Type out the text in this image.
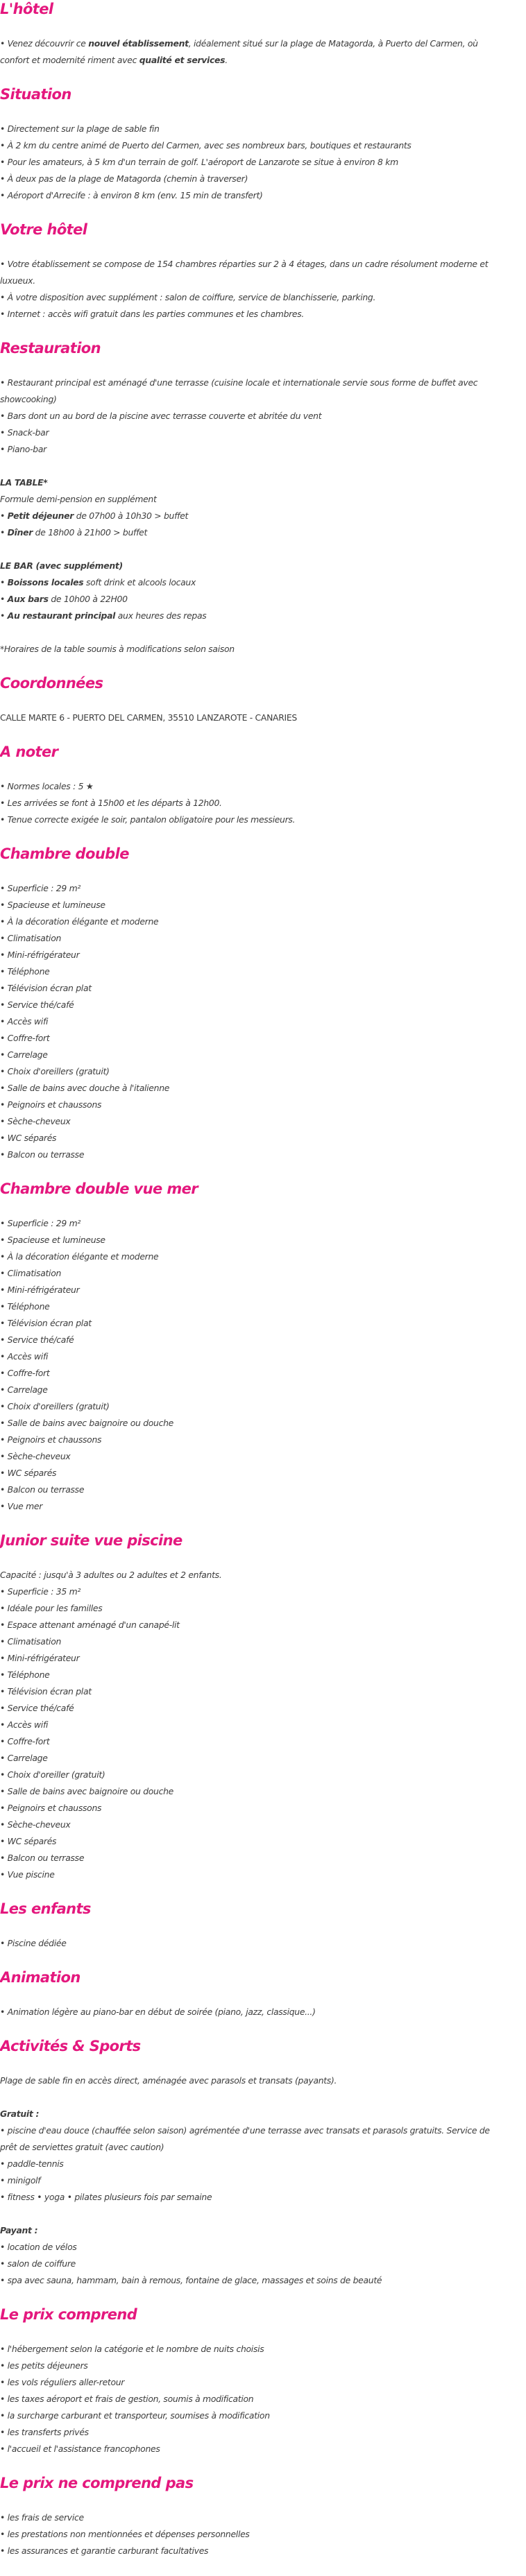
L'hôtel
• Venez découvrir ce nouvel établissement, idéalement situé sur la plage de Matagorda, à Puerto del Carmen, où
confort et modernité riment avec qualité et services.
Situation
• Directement sur la plage de sable fin
• À 2 km du centre animé de Puerto del Carmen, avec ses nombreux bars, boutiques et restaurants
• Pour les amateurs, à 5 km d'un terrain de golf. L'aéroport de Lanzarote se situe à environ 8 km
• À deux pas de la plage de Matagorda (chemin à traverser)
• Aéroport d'Arrecife : à environ 8 km (env. 15 min de transfert)
Votre hôtel
• Votre établissement se compose de 154 chambres réparties sur 2 à 4 étages, dans un cadre résolument moderne et
luxueux.
• À votre disposition avec supplément : salon de coiffure, service de blanchisserie, parking.
• Internet : accès wifi gratuit dans les parties communes et les chambres.
Restauration
• Restaurant principal est aménagé d'une terrasse (cuisine locale et internationale servie sous forme de buffet avec
showcooking)
• Bars dont un au bord de la piscine avec terrasse couverte et abritée du vent
• Snack-bar
• Piano-bar
LA TABLE*
Formule demi-pension en supplément
• Petit déjeuner de 07h00 à 10h30 > buffet
• Dîner de 18h00 à 21h00 > buffet
LE BAR (avec supplément)
• Boissons locales soft drink et alcools locaux
• Aux bars de 10h00 à 22H00
• Au restaurant principal aux heures des repas
*Horaires de la table soumis à modifications selon saison
Coordonnées
CALLE MARTE 6 - PUERTO DEL CARMEN, 35510 LANZAROTE - CANARIES
A noter
• Normes locales : 5 ★
• Les arrivées se font à 15h00 et les départs à 12h00.
• Tenue correcte exigée le soir, pantalon obligatoire pour les messieurs.
Chambre double
• Superficie : 29 m²
• Spacieuse et lumineuse
• À la décoration élégante et moderne
• Climatisation
• Mini-réfrigérateur
• Téléphone
• Télévision écran plat
• Service thé/café
• Accès wifi
• Coffre-fort
• Carrelage
• Choix d'oreillers (gratuit)
• Salle de bains avec douche à l'italienne
• Peignoirs et chaussons
• Sèche-cheveux
• WC séparés
• Balcon ou terrasse
Chambre double vue mer
• Superficie : 29 m²
• Spacieuse et lumineuse
• À la décoration élégante et moderne
• Climatisation
• Mini-réfrigérateur
• Téléphone
• Télévision écran plat
• Service thé/café
• Accès wifi
• Coffre-fort
• Carrelage
• Choix d'oreillers (gratuit)
• Salle de bains avec baignoire ou douche
• Peignoirs et chaussons
• Sèche-cheveux
• WC séparés
• Balcon ou terrasse
• Vue mer
Junior suite vue piscine
Capacité : jusqu'à 3 adultes ou 2 adultes et 2 enfants.
• Superficie : 35 m²
• Idéale pour les familles
• Espace attenant aménagé d'un canapé-lit
• Climatisation
• Mini-réfrigérateur
• Téléphone
• Télévision écran plat
• Service thé/café
• Accès wifi
• Coffre-fort
• Carrelage
• Choix d'oreiller (gratuit)
• Salle de bains avec baignoire ou douche
• Peignoirs et chaussons
• Sèche-cheveux
• WC séparés
• Balcon ou terrasse
• Vue piscine
Les enfants
• Piscine dédiée
Animation
• Animation légère au piano-bar en début de soirée (piano, jazz, classique...)
Activités & Sports
Plage de sable fin en accès direct, aménagée avec parasols et transats (payants).
Gratuit :
• piscine d'eau douce (chauffée selon saison) agrémentée d'une terrasse avec transats et parasols gratuits. Service de
prêt de serviettes gratuit (avec caution)
• paddle-tennis
• minigolf
• fitness • yoga • pilates plusieurs fois par semaine
Payant :
• location de vélos
• salon de coiffure
• spa avec sauna, hammam, bain à remous, fontaine de glace, massages et soins de beauté
Le prix comprend
• l'hébergement selon la catégorie et le nombre de nuits choisis
• les petits déjeuners
• les vols réguliers aller-retour
• les taxes aéroport et frais de gestion, soumis à modification
• la surcharge carburant et transporteur, soumises à modification
• les transferts privés
• l'accueil et l'assistance francophones
Le prix ne comprend pas
• les frais de service
• les prestations non mentionnées et dépenses personnelles
• les assurances et garantie carburant facultatives
